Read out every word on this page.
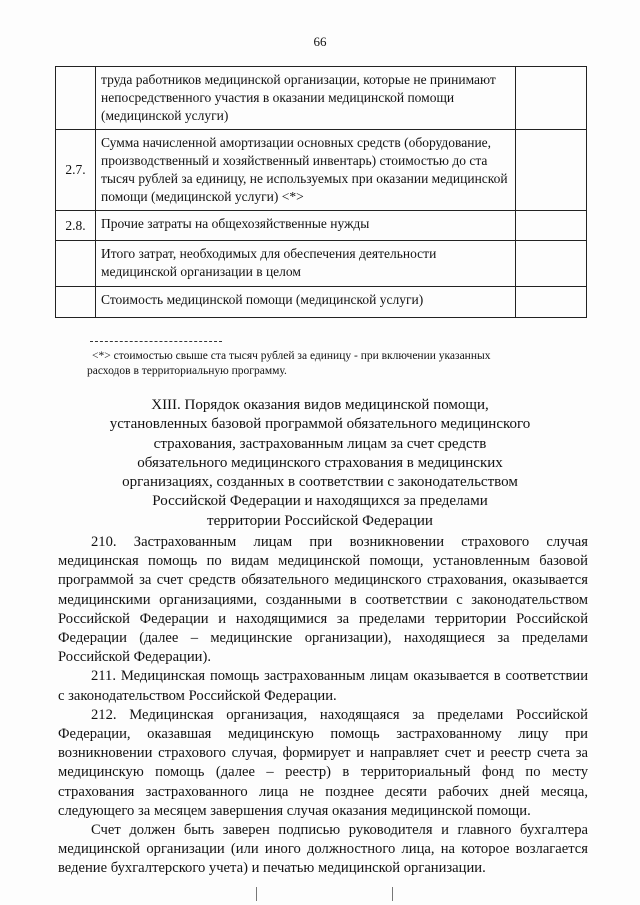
66
	труда работников медицинской организации, которые не принимают непосредственного участия в оказании медицинской помощи (медицинской услуги)	
2.7.	Сумма начисленной амортизации основных средств (оборудование, производственный и хозяйственный инвентарь) стоимостью до ста тысяч рублей за единицу, не используемых при оказании медицинской помощи (медицинской услуги) <*>	
2.8.	Прочие затраты на общехозяйственные нужды	
	Итого затрат, необходимых для обеспечения деятельности медицинской организации в целом	
	Стоимость медицинской помощи (медицинской услуги)	
<*> стоимостью свыше ста тысяч рублей за единицу - при включении указанных
расходов в территориальную программу.
XIII. Порядок оказания видов медицинской помощи,
установленных базовой программой обязательного медицинского
страхования, застрахованным лицам за счет средств
обязательного медицинского страхования в медицинских
организациях, созданных в соответствии с законодательством
Российской Федерации и находящихся за пределами
территории Российской Федерации

210. Застрахованным лицам при возникновении страхового случая медицинская помощь по видам медицинской помощи, установленным базовой программой за счет средств обязательного медицинского страхования, оказывается медицинскими организациями, созданными в соответствии с законодательством Российской Федерации и находящимися за пределами территории Российской Федерации (далее – медицинские организации), находящиеся за пределами Российской Федерации).

211. Медицинская помощь застрахованным лицам оказывается в соответствии с законодательством Российской Федерации.

212. Медицинская организация, находящаяся за пределами Российской Федерации, оказавшая медицинскую помощь застрахованному лицу при возникновении страхового случая, формирует и направляет счет и реестр счета за медицинскую помощь (далее – реестр) в территориальный фонд по месту страхования застрахованного лица не позднее десяти рабочих дней месяца, следующего за месяцем завершения случая оказания медицинской помощи.

Счет должен быть заверен подписью руководителя и главного бухгалтера медицинской организации (или иного должностного лица, на которое возлагается ведение бухгалтерского учета) и печатью медицинской организации.
